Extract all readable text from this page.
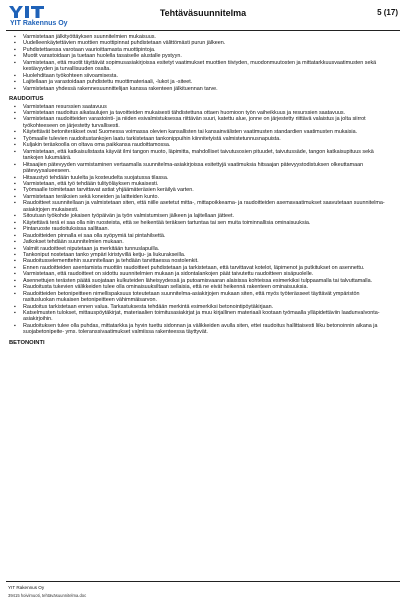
YIT Rakennus Oy
Tehtäväsuunnitelma	5 (17)
▪ Varmistetaan jälkityöttäyksen suunnitelmien mukaisuus.
▪ Uudelleenkäytettävien muottien muottipinnat puhdistetaan välittömästi purun jälkeen.
▪ Puhdistettaessa varotaan vaurioittamasta muottipintoja.
▪ Muotit varastoidaan ja tuetaan huolella tasaiselle alustalle pystyyn.
▪ Varmistetaan, että muotit täyttävät sopimusasiakirjoissa esitetyt vaatimukset muottien tiiviyden, muodonmuutosten ja mittatarkkuusvaatimusten sekä kestävyyden ja turvallisuuden osalta.
▪ Huolehditaan työkohteen siivoamisesta.
▪ Lajitellaan ja varastoidaan puhdistettu muottimateriaali, -lukot ja -siteet.
▪ Varmistetaan yhdessä rakennesuunnittelijan kanssa rakenteen jälkituennan tarve.
RAUDOITUS
▪ Varmistetaan resurssien saatavuus
▪ Varmistetaan raudoitus aikataulujen ja tavoitteiden mukaisesti tähdistettuna ottaen huomioon työn vaiheikkuus ja resurssien saatavuus.
▪ Varmistetaan raudoitteiden varastointi- ja niiden esivalmistuksessa riittävän suuri, katettu alue, jonne on järjestetty riittävä valaistus ja jolta siirrot työkohteeseen on järjestetty turvallisesti.
▪ Käytettävät betoniteräkset ovat Suomessa voimassa olevien kansallisten tai kansainvälisten vaatimusten standardien vaatimusten mukaisia.
▪ Työmaalle tulevien raudoitustankojen laatu tarkistetaan tankonippuihin kiinnitetyistä valmistetunnusnapuista.
▪ Kuljakin teräskoolla on oltava oma paikkansa raudoittamossa.
▪ Varmistetaan, että katkaisulistasta käyvät ilmi tangon muoto, läpimitta, mahdolliset taivutusosien pituudet, taivutussäde, tangon katkaisupituus sekä tankojen lukumäärä.
▪ Hitsaajien pätevyyden varmistaminen vertaamalla suunnitelma-asiakirjoissa esitettyjä vaatimuksia hitsaajan pätevyystodistuksen olkeuttamaan pätevyysalueeseen.
▪ Hitsaustyö tehdään tuulelta ja kosteudelta suojatussa tilassa.
▪ Varmistetaan, että työ tehdään tulityöläyksen mukaisesti.
▪ Työmaalle toimitetaan tarvittavat astiat yhjäämäteräsien keräilyä varten.
▪ Varmistetaan teräksien sekä koneiden ja laitteiden kunto.
▪ Raudoitteet suunnitellaan ja valmistetaan siten, että niille asetetut mitta-, mittapoikkeama- ja raudoitteiden asemavaatimukset saavutetaan suunnitelma-asiakirjojen mukaisesti.
▪ Sitoutuan työkohde jokaisen työpäivän ja työn valmistumisen jälkeen ja lajitellaan jätteet.
▪ Käytettävä terä ei saa olla niin ruosteista, että se heikentää teräksen tartuntaa tai sen muita toiminnallisia ominaisuuksia.
▪ Pintaruoste raudoituksissa sallitaan.
▪ Raudoitteiden pinnalla ei saa olla syöpymiä tai pintahilsettä.
▪ Jatkokset tehdään suunnitelmien mukaan.
▪ Valmiit raudoitteet niputetaan ja merkitään tunnuslapuilla.
▪ Tankoniput nostetaan tanko ympäri kiristyvillä ketju- ja liukurakseilla.
▪ Raudoitusselementtehin suunnitellaan ja tehdään tarvittaessa nostolenkit.
▪ Ennen raudoitteiden asentamista muottiin raudoitteet puhdistetaan ja tarkistetaan, että tarvittavat kotelot, läpimenot ja putkitukset on asennettu.
▪ Varmistetaan, että raudoitteet on sidottu suunnitelmien mukaan ja sidontalankojen päät taivutettu raudoitteen sisäpuolelle.
▪ Asennettujen terästen päätä suojataan kulkuteiden läheisyydessä ja putoamisvaaran alaisissa kohteissa esimerkiksi tulppaamalla tai talvuttamalla.
▪ Raudoitusta tukevien välikkeiden tulee olla ominaisuuksiltaan sellaisia, että ne eivät heikennä rakenteen ominaisuuksia.
▪ Raudoitteiden betonipeitteen nimellispaksuus toteutetaan suunnitelma-asiakirjojen mukaan siten, että myös työterässeet täyttävät ympäristön rasitusluokan mukaisen betonipeitteen vähimmäisarvon.
▪ Raudoitus tarkistetaan ennen valua. Tarkastuksesta tehdään merkintä esimerkiksi betonointipöytäkirjaan.
▪ Katselmusten tulokset, mittauspöytäkirjat, materiaalien toimitusasiakirjat ja muu kirjallinen materiaali kootaan työmaalla ylläpidettäviin laadunvalvonta-asiakirjoihin.
▪ Raudoituksen tulee olla puhdas, mittatarkka ja hyvin tuettu sidonnan ja välikkeiden avulla siten, ettei raudoitus hallittaisesti liiku betonoinnin aikana ja suojabetonipeite- yms. toleranssivaatimukset valmiissa rakenteessa täyttyvät.
BETONOINTI
YIT Rakennus Oy
39415 hoivimuoti, tehtäväsuunnitelma.doc
